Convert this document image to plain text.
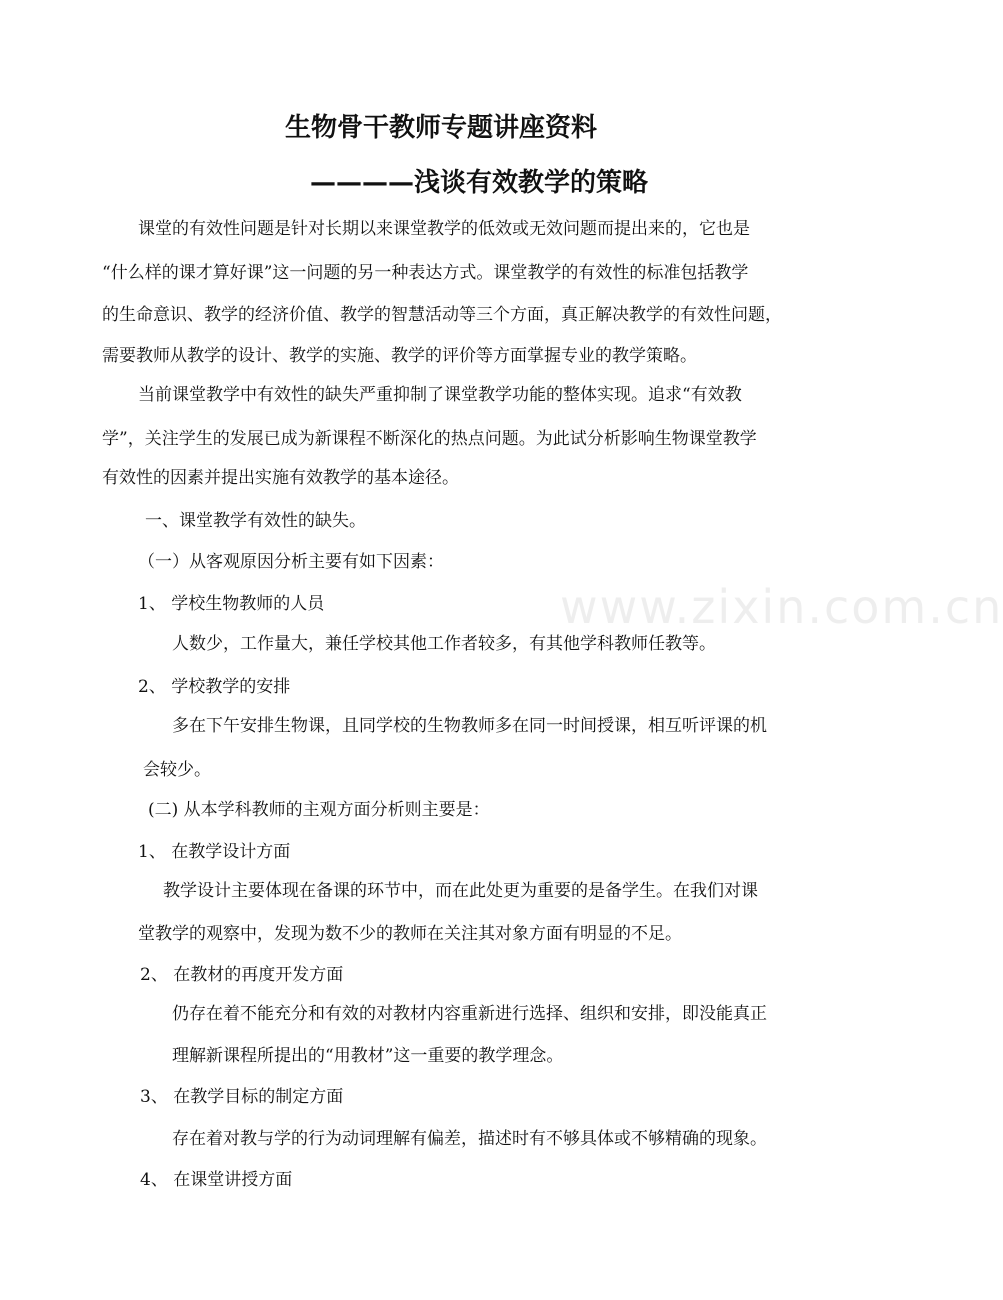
www.zixin.com.cn
生物骨干教师专题讲座资料
————浅谈有效教学的策略

课堂的有效性问题是针对长期以来课堂教学的低效或无效问题而提出来的，它也是

“什么样的课才算好课”这一问题的另一种表达方式。课堂教学的有效性的标准包括教学

的生命意识、教学的经济价值、教学的智慧活动等三个方面，真正解决教学的有效性问题，

需要教师从教学的设计、教学的实施、教学的评价等方面掌握专业的教学策略。

当前课堂教学中有效性的缺失严重抑制了课堂教学功能的整体实现。追求“有效教

学”，关注学生的发展已成为新课程不断深化的热点问题。为此试分析影响生物课堂教学

有效性的因素并提出实施有效教学的基本途径。

一、课堂教学有效性的缺失。

（一）从客观原因分析主要有如下因素：

1、 学校生物教师的人员

人数少，工作量大，兼任学校其他工作者较多，有其他学科教师任教等。

2、 学校教学的安排

多在下午安排生物课，且同学校的生物教师多在同一时间授课，相互听评课的机

会较少。

(二) 从本学科教师的主观方面分析则主要是：

1、 在教学设计方面

教学设计主要体现在备课的环节中，而在此处更为重要的是备学生。在我们对课

堂教学的观察中，发现为数不少的教师在关注其对象方面有明显的不足。

2、 在教材的再度开发方面

仍存在着不能充分和有效的对教材内容重新进行选择、组织和安排，即没能真正

理解新课程所提出的“用教材”这一重要的教学理念。

3、 在教学目标的制定方面

存在着对教与学的行为动词理解有偏差，描述时有不够具体或不够精确的现象。

4、 在课堂讲授方面
